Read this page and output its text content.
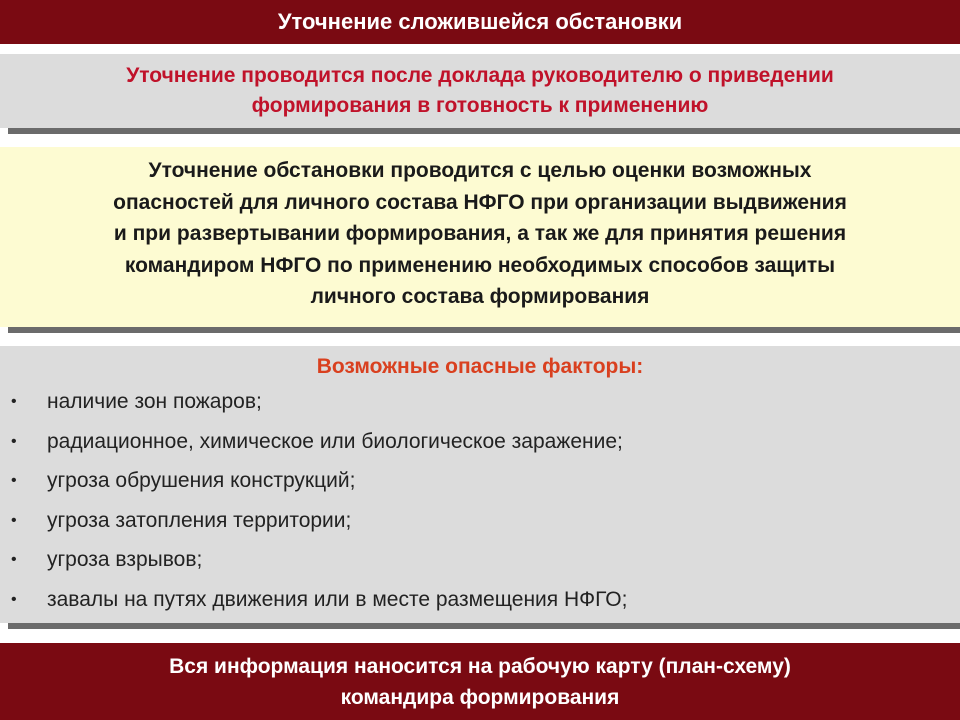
Уточнение сложившейся обстановки
Уточнение проводится после доклада руководителю о приведении
формирования в готовность к применению
Уточнение обстановки проводится с целью оценки возможных
опасностей для личного состава НФГО при организации выдвижения
и при развертывании формирования, а так же для принятия решения
командиром НФГО по применению необходимых способов защиты
личного состава формирования
Возможные опасные факторы:
• наличие зон пожаров;
• радиационное, химическое или биологическое заражение;
• угроза обрушения конструкций;
• угроза затопления территории;
• угроза взрывов;
• завалы на путях движения или в месте размещения НФГО;
Вся информация наносится на рабочую карту (план-схему)
командира формирования
